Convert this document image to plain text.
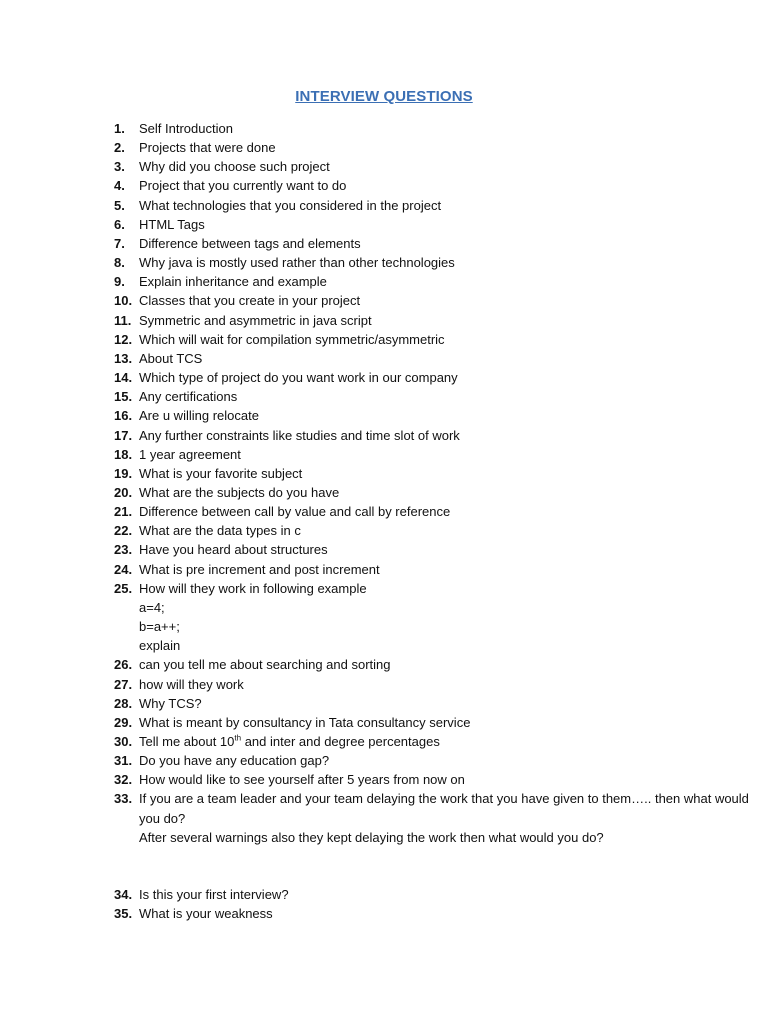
INTERVIEW QUESTIONS
1.	Self Introduction
2.	Projects that were done
3.	Why did you choose such project
4.	Project that you currently want to do
5.	What technologies that you considered in the project
6.	HTML Tags
7.	Difference between tags and elements
8.	Why java is mostly used rather than other technologies
9.	Explain inheritance and example
10. Classes that you create in your project
11. Symmetric and asymmetric in java script
12. Which will wait for compilation symmetric/asymmetric
13. About TCS
14. Which type of project do you want work in our company
15. Any certifications
16. Are u willing relocate
17. Any further constraints like studies and time slot of work
18. 1 year agreement
19. What is your favorite subject
20. What are the subjects do you have
21. Difference between call by value and call by reference
22. What are the data types in c
23. Have you heard about structures
24. What is pre increment and post increment
25. How will they work in following example
a=4;
b=a++;
explain
26. can you tell me about searching and sorting
27. how will they work
28. Why TCS?
29. What is meant by consultancy in Tata consultancy service
30. Tell me about 10th and inter and degree percentages
31. Do you have any education gap?
32. How would like to see yourself after 5 years from now on
33. If you are a team leader and your team delaying the work that you have given to them….. then what would you do?
After several warnings also they kept delaying the work then what would you do?
34. Is this your first interview?
35. What is your weakness
